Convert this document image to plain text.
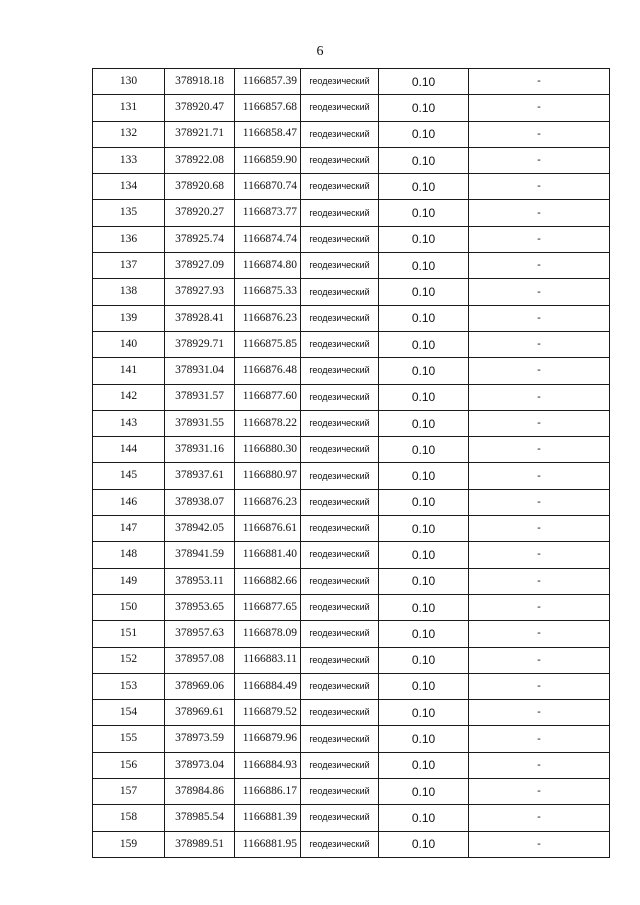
6
130	378918.18	1166857.39	геодезический	0.10	-
131	378920.47	1166857.68	геодезический	0.10	-
132	378921.71	1166858.47	геодезический	0.10	-
133	378922.08	1166859.90	геодезический	0.10	-
134	378920.68	1166870.74	геодезический	0.10	-
135	378920.27	1166873.77	геодезический	0.10	-
136	378925.74	1166874.74	геодезический	0.10	-
137	378927.09	1166874.80	геодезический	0.10	-
138	378927.93	1166875.33	геодезический	0.10	-
139	378928.41	1166876.23	геодезический	0.10	-
140	378929.71	1166875.85	геодезический	0.10	-
141	378931.04	1166876.48	геодезический	0.10	-
142	378931.57	1166877.60	геодезический	0.10	-
143	378931.55	1166878.22	геодезический	0.10	-
144	378931.16	1166880.30	геодезический	0.10	-
145	378937.61	1166880.97	геодезический	0.10	-
146	378938.07	1166876.23	геодезический	0.10	-
147	378942.05	1166876.61	геодезический	0.10	-
148	378941.59	1166881.40	геодезический	0.10	-
149	378953.11	1166882.66	геодезический	0.10	-
150	378953.65	1166877.65	геодезический	0.10	-
151	378957.63	1166878.09	геодезический	0.10	-
152	378957.08	1166883.11	геодезический	0.10	-
153	378969.06	1166884.49	геодезический	0.10	-
154	378969.61	1166879.52	геодезический	0.10	-
155	378973.59	1166879.96	геодезический	0.10	-
156	378973.04	1166884.93	геодезический	0.10	-
157	378984.86	1166886.17	геодезический	0.10	-
158	378985.54	1166881.39	геодезический	0.10	-
159	378989.51	1166881.95	геодезический	0.10	-
